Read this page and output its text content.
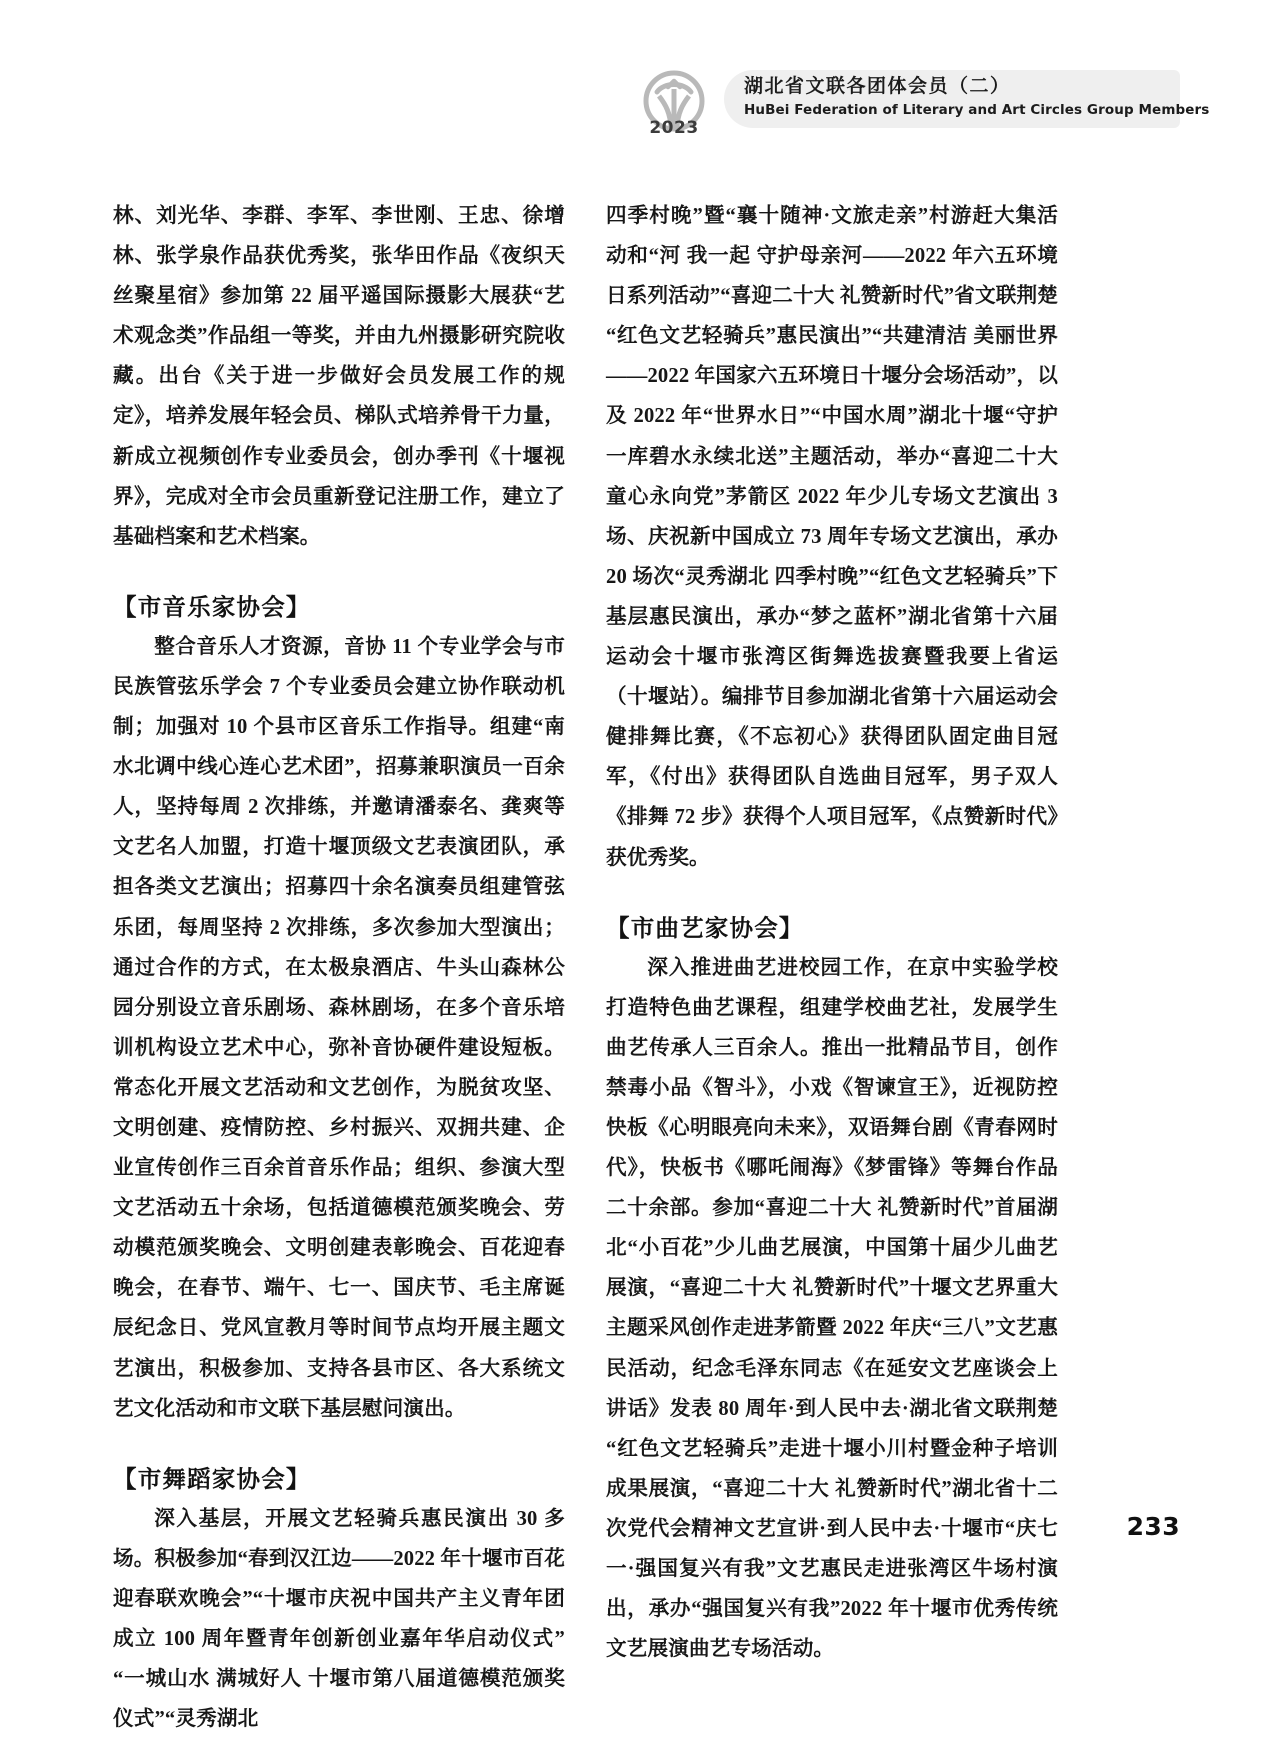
2023
湖北省文联各团体会员（二）
HuBei Federation of Literary and Art Circles Group Members

林、刘光华、李群、李军、李世刚、王忠、徐增林、张学泉作品获优秀奖，张华田作品《夜织天丝聚星宿》参加第 22 届平遥国际摄影大展获“艺术观念类”作品组一等奖，并由九州摄影研究院收藏。出台《关于进一步做好会员发展工作的规定》，培养发展年轻会员、梯队式培养骨干力量，新成立视频创作专业委员会，创办季刊《十堰视界》，完成对全市会员重新登记注册工作，建立了基础档案和艺术档案。

【市音乐家协会】

整合音乐人才资源，音协 11 个专业学会与市民族管弦乐学会 7 个专业委员会建立协作联动机制；加强对 10 个县市区音乐工作指导。组建“南水北调中线心连心艺术团”，招募兼职演员一百余人，坚持每周 2 次排练，并邀请潘泰名、龚爽等文艺名人加盟，打造十堰顶级文艺表演团队，承担各类文艺演出；招募四十余名演奏员组建管弦乐团，每周坚持 2 次排练，多次参加大型演出；通过合作的方式，在太极泉酒店、牛头山森林公园分别设立音乐剧场、森林剧场，在多个音乐培训机构设立艺术中心，弥补音协硬件建设短板。常态化开展文艺活动和文艺创作，为脱贫攻坚、文明创建、疫情防控、乡村振兴、双拥共建、企业宣传创作三百余首音乐作品；组织、参演大型文艺活动五十余场，包括道德模范颁奖晚会、劳动模范颁奖晚会、文明创建表彰晚会、百花迎春晚会，在春节、端午、七一、国庆节、毛主席诞辰纪念日、党风宣教月等时间节点均开展主题文艺演出，积极参加、支持各县市区、各大系统文艺文化活动和市文联下基层慰问演出。

【市舞蹈家协会】

深入基层，开展文艺轻骑兵惠民演出 30 多场。积极参加“春到汉江边——2022 年十堰市百花迎春联欢晚会”“十堰市庆祝中国共产主义青年团成立 100 周年暨青年创新创业嘉年华启动仪式”“一城山水 满城好人 十堰市第八届道德模范颁奖仪式”“灵秀湖北

四季村晚”暨“襄十随神·文旅走亲”村游赶大集活动和“河 我一起 守护母亲河——2022 年六五环境日系列活动”“喜迎二十大 礼赞新时代”省文联荆楚“红色文艺轻骑兵”惠民演出”“共建清洁 美丽世界——2022 年国家六五环境日十堰分会场活动”，以及 2022 年“世界水日”“中国水周”湖北十堰“守护一库碧水永续北送”主题活动，举办“喜迎二十大 童心永向党”茅箭区 2022 年少儿专场文艺演出 3 场、庆祝新中国成立 73 周年专场文艺演出，承办 20 场次“灵秀湖北 四季村晚”“红色文艺轻骑兵”下基层惠民演出，承办“梦之蓝杯”湖北省第十六届运动会十堰市张湾区街舞选拔赛暨我要上省运（十堰站）。编排节目参加湖北省第十六届运动会健排舞比赛，《不忘初心》获得团队固定曲目冠军，《付出》获得团队自选曲目冠军，男子双人《排舞 72 步》获得个人项目冠军，《点赞新时代》获优秀奖。

【市曲艺家协会】

深入推进曲艺进校园工作，在京中实验学校打造特色曲艺课程，组建学校曲艺社，发展学生曲艺传承人三百余人。推出一批精品节目，创作禁毒小品《智斗》，小戏《智谏宣王》，近视防控快板《心明眼亮向未来》，双语舞台剧《青春网时代》，快板书《哪吒闹海》《梦雷锋》等舞台作品二十余部。参加“喜迎二十大 礼赞新时代”首届湖北“小百花”少儿曲艺展演，中国第十届少儿曲艺展演，“喜迎二十大 礼赞新时代”十堰文艺界重大主题采风创作走进茅箭暨 2022 年庆“三八”文艺惠民活动，纪念毛泽东同志《在延安文艺座谈会上讲话》发表 80 周年·到人民中去·湖北省文联荆楚“红色文艺轻骑兵”走进十堰小川村暨金种子培训成果展演，“喜迎二十大 礼赞新时代”湖北省十二次党代会精神文艺宣讲·到人民中去·十堰市“庆七一·强国复兴有我”文艺惠民走进张湾区牛场村演出，承办“强国复兴有我”2022 年十堰市优秀传统文艺展演曲艺专场活动。

233
